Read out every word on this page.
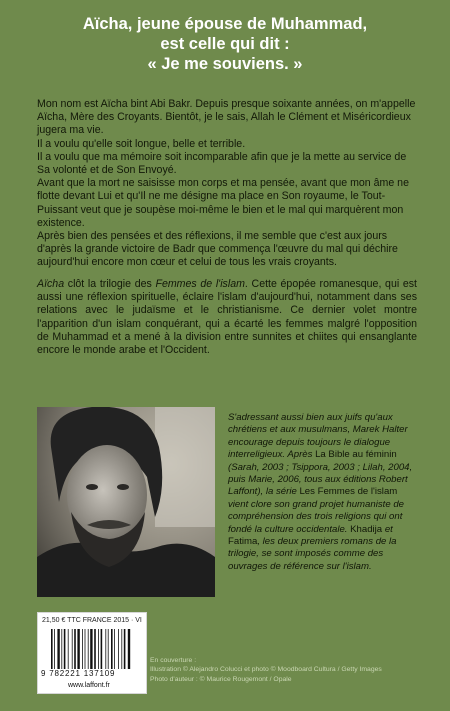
Aïcha, jeune épouse de Muhammad,
est celle qui dit :
« Je me souviens. »

Mon nom est Aïcha bint Abi Bakr. Depuis presque soixante années, on m'appelle Aïcha, Mère des Croyants. Bientôt, je le sais, Allah le Clément et Miséricordieux jugera ma vie.

Il a voulu qu'elle soit longue, belle et terrible.

Il a voulu que ma mémoire soit incomparable afin que je la mette au service de Sa volonté et de Son Envoyé.

Avant que la mort ne saisisse mon corps et ma pensée, avant que mon âme ne flotte devant Lui et qu'Il ne me désigne ma place en Son royaume, le Tout-Puissant veut que je soupèse moi-même le bien et le mal qui marquèrent mon existence.

Après bien des pensées et des réflexions, il me semble que c'est aux jours d'après la grande victoire de Badr que commença l'œuvre du mal qui déchire aujourd'hui encore mon cœur et celui de tous les vrais croyants.

Aïcha clôt la trilogie des Femmes de l'islam. Cette épopée romanesque, qui est aussi une réflexion spirituelle, éclaire l'islam d'aujourd'hui, notamment dans ses relations avec le judaïsme et le christianisme. Ce dernier volet montre l'apparition d'un islam conquérant, qui a écarté les femmes malgré l'opposition de Muhammad et a mené à la division entre sunnites et chiites qui ensanglante encore le monde arabe et l'Occident.

S'adressant aussi bien aux juifs qu'aux chrétiens et aux musulmans, Marek Halter encourage depuis toujours le dialogue interreligieux. Après La Bible au féminin (Sarah, 2003 ; Tsippora, 2003 ; Lilah, 2004, puis Marie, 2006, tous aux éditions Robert Laffont), la série Les Femmes de l'islam vient clore son grand projet humaniste de compréhension des trois religions qui ont fondé la culture occidentale. Khadija et Fatima, les deux premiers romans de la trilogie, se sont imposés comme des ouvrages de référence sur l'islam.
21,50 € TTC FRANCE 2015 · VI
9 782221 137109
www.laffont.fr
En couverture :
Illustration © Alejandro Colucci et photo © Moodboard Cultura / Getty Images
Photo d'auteur : © Maurice Rougemont / Opale
